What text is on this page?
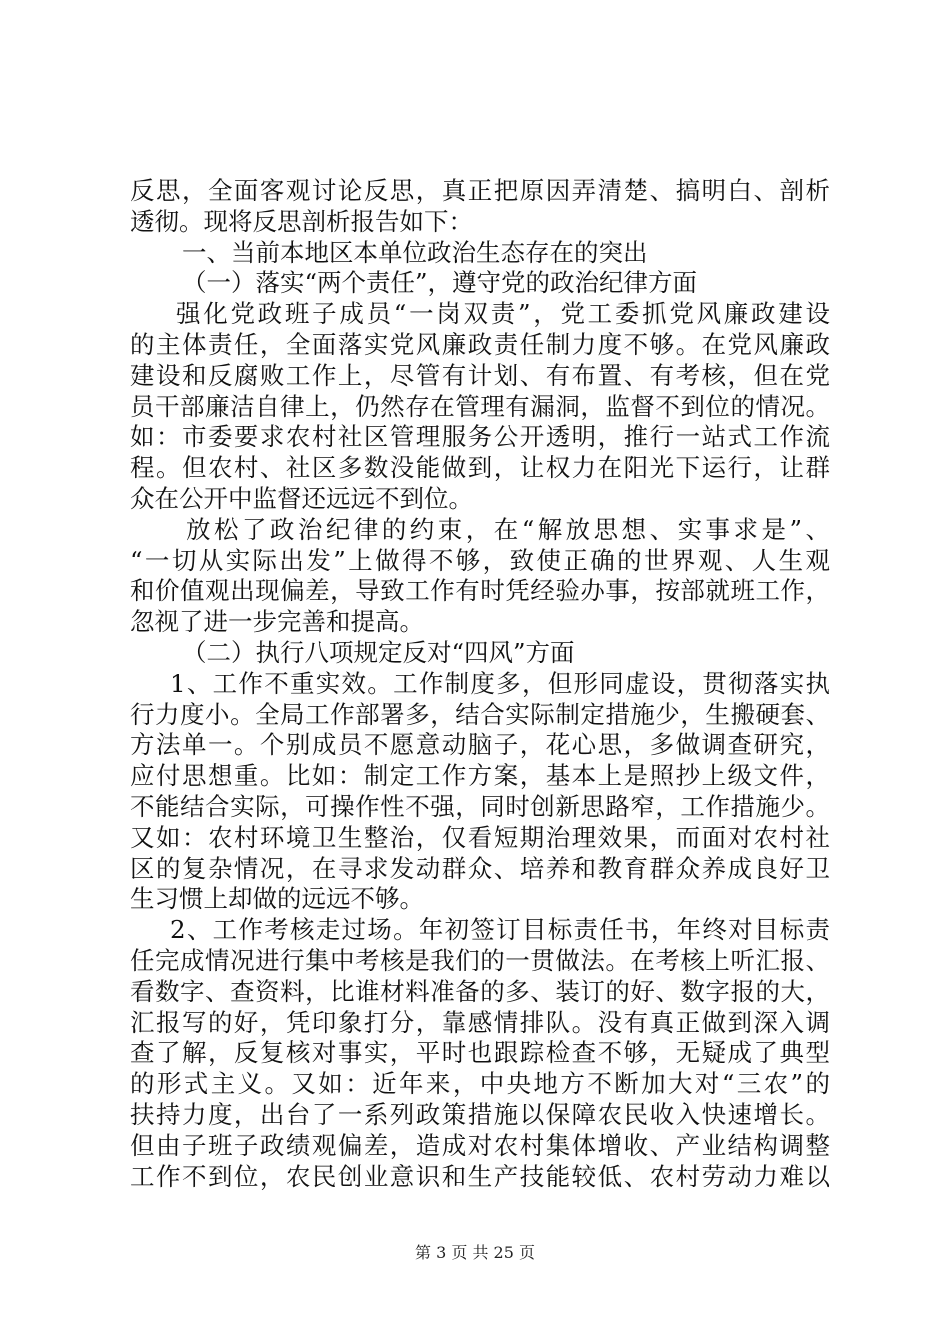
反思，全面客观讨论反思，真正把原因弄清楚、搞明白、剖析
透彻。现将反思剖析报告如下：
一、当前本地区本单位政治生态存在的突出
（一）落实“两个责任”，遵守党的政治纪律方面
强化党政班子成员“一岗双责”，党工委抓党风廉政建设
的主体责任，全面落实党风廉政责任制力度不够。在党风廉政
建设和反腐败工作上，尽管有计划、有布置、有考核，但在党
员干部廉洁自律上，仍然存在管理有漏洞，监督不到位的情况。
如：市委要求农村社区管理服务公开透明，推行一站式工作流
程。但农村、社区多数没能做到，让权力在阳光下运行，让群
众在公开中监督还远远不到位。
放松了政治纪律的约束，在“解放思想、实事求是”、
“一切从实际出发”上做得不够，致使正确的世界观、人生观
和价值观出现偏差，导致工作有时凭经验办事，按部就班工作，
忽视了进一步完善和提高。
（二）执行八项规定反对“四风”方面
1、工作不重实效。工作制度多，但形同虚设，贯彻落实执
行力度小。全局工作部署多，结合实际制定措施少，生搬硬套、
方法单一。个别成员不愿意动脑子，花心思，多做调查研究，
应付思想重。比如：制定工作方案，基本上是照抄上级文件，
不能结合实际，可操作性不强，同时创新思路窄，工作措施少。
又如：农村环境卫生整治，仅看短期治理效果，而面对农村社
区的复杂情况，在寻求发动群众、培养和教育群众养成良好卫
生习惯上却做的远远不够。
2、工作考核走过场。年初签订目标责任书，年终对目标责
任完成情况进行集中考核是我们的一贯做法。在考核上听汇报、
看数字、查资料，比谁材料准备的多、装订的好、数字报的大，
汇报写的好，凭印象打分，靠感情排队。没有真正做到深入调
查了解，反复核对事实，平时也跟踪检查不够，无疑成了典型
的形式主义。又如：近年来，中央地方不断加大对“三农”的
扶持力度，出台了一系列政策措施以保障农民收入快速增长。
但由子班子政绩观偏差，造成对农村集体增收、产业结构调整
工作不到位，农民创业意识和生产技能较低、农村劳动力难以
第 3 页 共 25 页
